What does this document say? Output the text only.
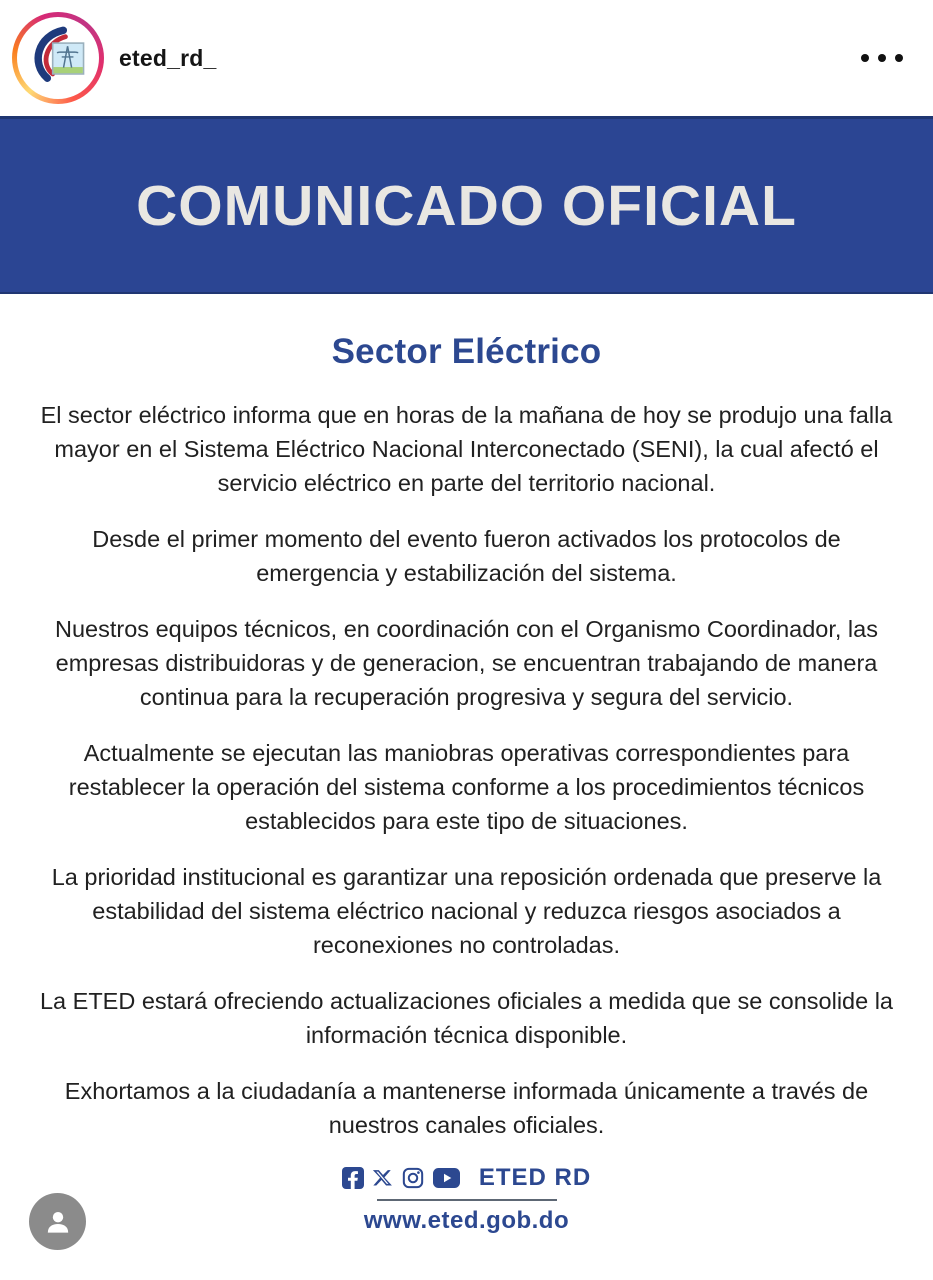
eted_rd_
COMUNICADO OFICIAL
Sector Eléctrico

El sector eléctrico informa que en horas de la mañana de hoy se produjo una falla mayor en el Sistema Eléctrico Nacional Interconectado (SENI), la cual afectó el servicio eléctrico en parte del territorio nacional.

Desde el primer momento del evento fueron activados los protocolos de emergencia y estabilización del sistema.

Nuestros equipos técnicos, en coordinación con el Organismo Coordinador, las empresas distribuidoras y de generacion, se encuentran trabajando de manera continua para la recuperación progresiva y segura del servicio.

Actualmente se ejecutan las maniobras operativas correspondientes para restablecer la operación del sistema conforme a los procedimientos técnicos establecidos para este tipo de situaciones.

La prioridad institucional es garantizar una reposición ordenada que preserve la estabilidad del sistema eléctrico nacional y reduzca riesgos asociados a reconexiones no controladas.

La ETED estará ofreciendo actualizaciones oficiales a medida que se consolide la información técnica disponible.

Exhortamos a la ciudadanía a mantenerse informada únicamente a través de nuestros canales oficiales.

ETED RD
www.eted.gob.do
